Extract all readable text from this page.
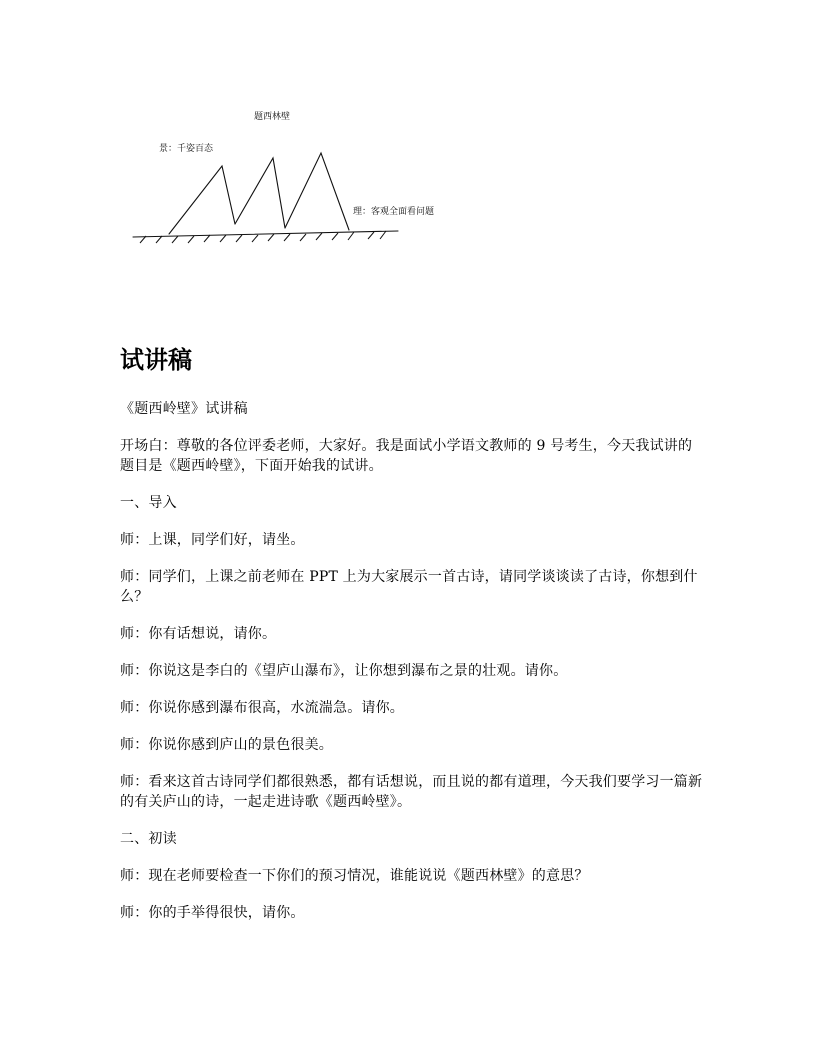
题西林壁
景：千姿百态
理：客观全面看问题
试讲稿

《题西岭壁》试讲稿

开场白：尊敬的各位评委老师，大家好。我是面试小学语文教师的 9 号考生，今天我试讲的题目是《题西岭壁》，下面开始我的试讲。

一、导入

师：上课，同学们好，请坐。

师：同学们，上课之前老师在 PPT 上为大家展示一首古诗，请同学谈谈读了古诗，你想到什么？

师：你有话想说，请你。

师：你说这是李白的《望庐山瀑布》，让你想到瀑布之景的壮观。请你。

师：你说你感到瀑布很高，水流湍急。请你。

师：你说你感到庐山的景色很美。

师：看来这首古诗同学们都很熟悉，都有话想说，而且说的都有道理，今天我们要学习一篇新的有关庐山的诗，一起走进诗歌《题西岭壁》。

二、初读

师：现在老师要检查一下你们的预习情况，谁能说说《题西林壁》的意思？

师：你的手举得很快，请你。
